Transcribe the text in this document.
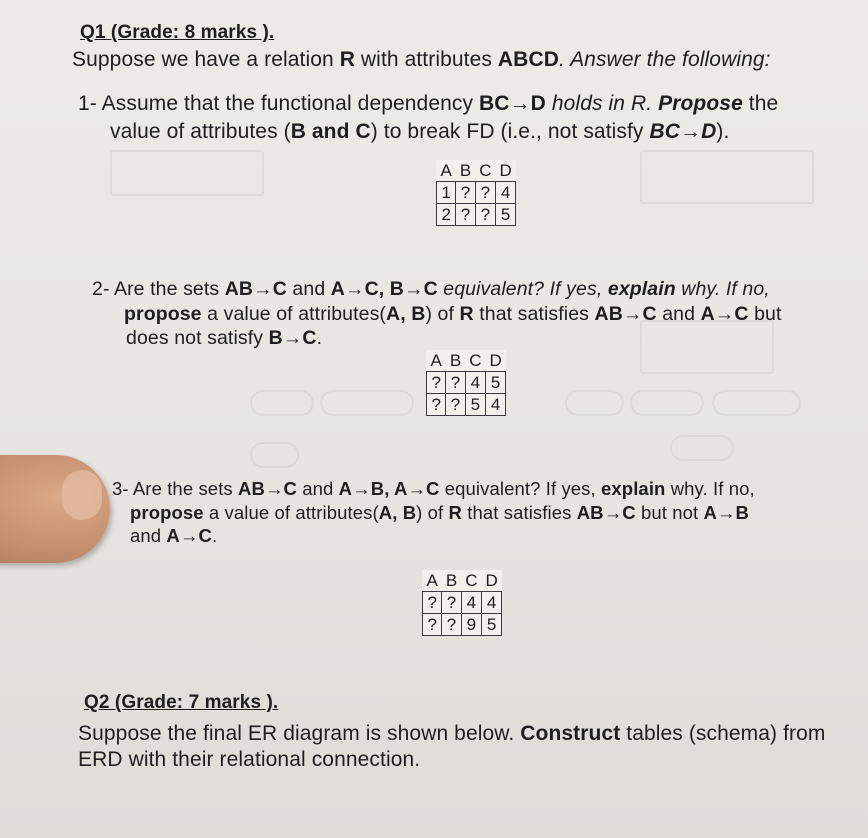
Q1 (Grade: 8 marks ).
Suppose we have a relation R with attributes ABCD. Answer the following:
1- Assume that the functional dependency BC→D holds in R. Propose the
value of attributes (B and C) to break FD (i.e., not satisfy BC→D).
A	B	C	D
1	?	?	4
2	?	?	5
2- Are the sets AB→C and A→C, B→C equivalent? If yes, explain why. If no,
propose a value of attributes(A, B) of R that satisfies AB→C and A→C but
does not satisfy B→C.
A	B	C	D
?	?	4	5
?	?	5	4
3- Are the sets AB→C and A→B, A→C equivalent? If yes, explain why. If no,
propose a value of attributes(A, B) of R that satisfies AB→C but not A→B
and A→C.
A	B	C	D
?	?	4	4
?	?	9	5
Q2 (Grade: 7 marks ).
Suppose the final ER diagram is shown below. Construct tables (schema) from
ERD with their relational connection.
